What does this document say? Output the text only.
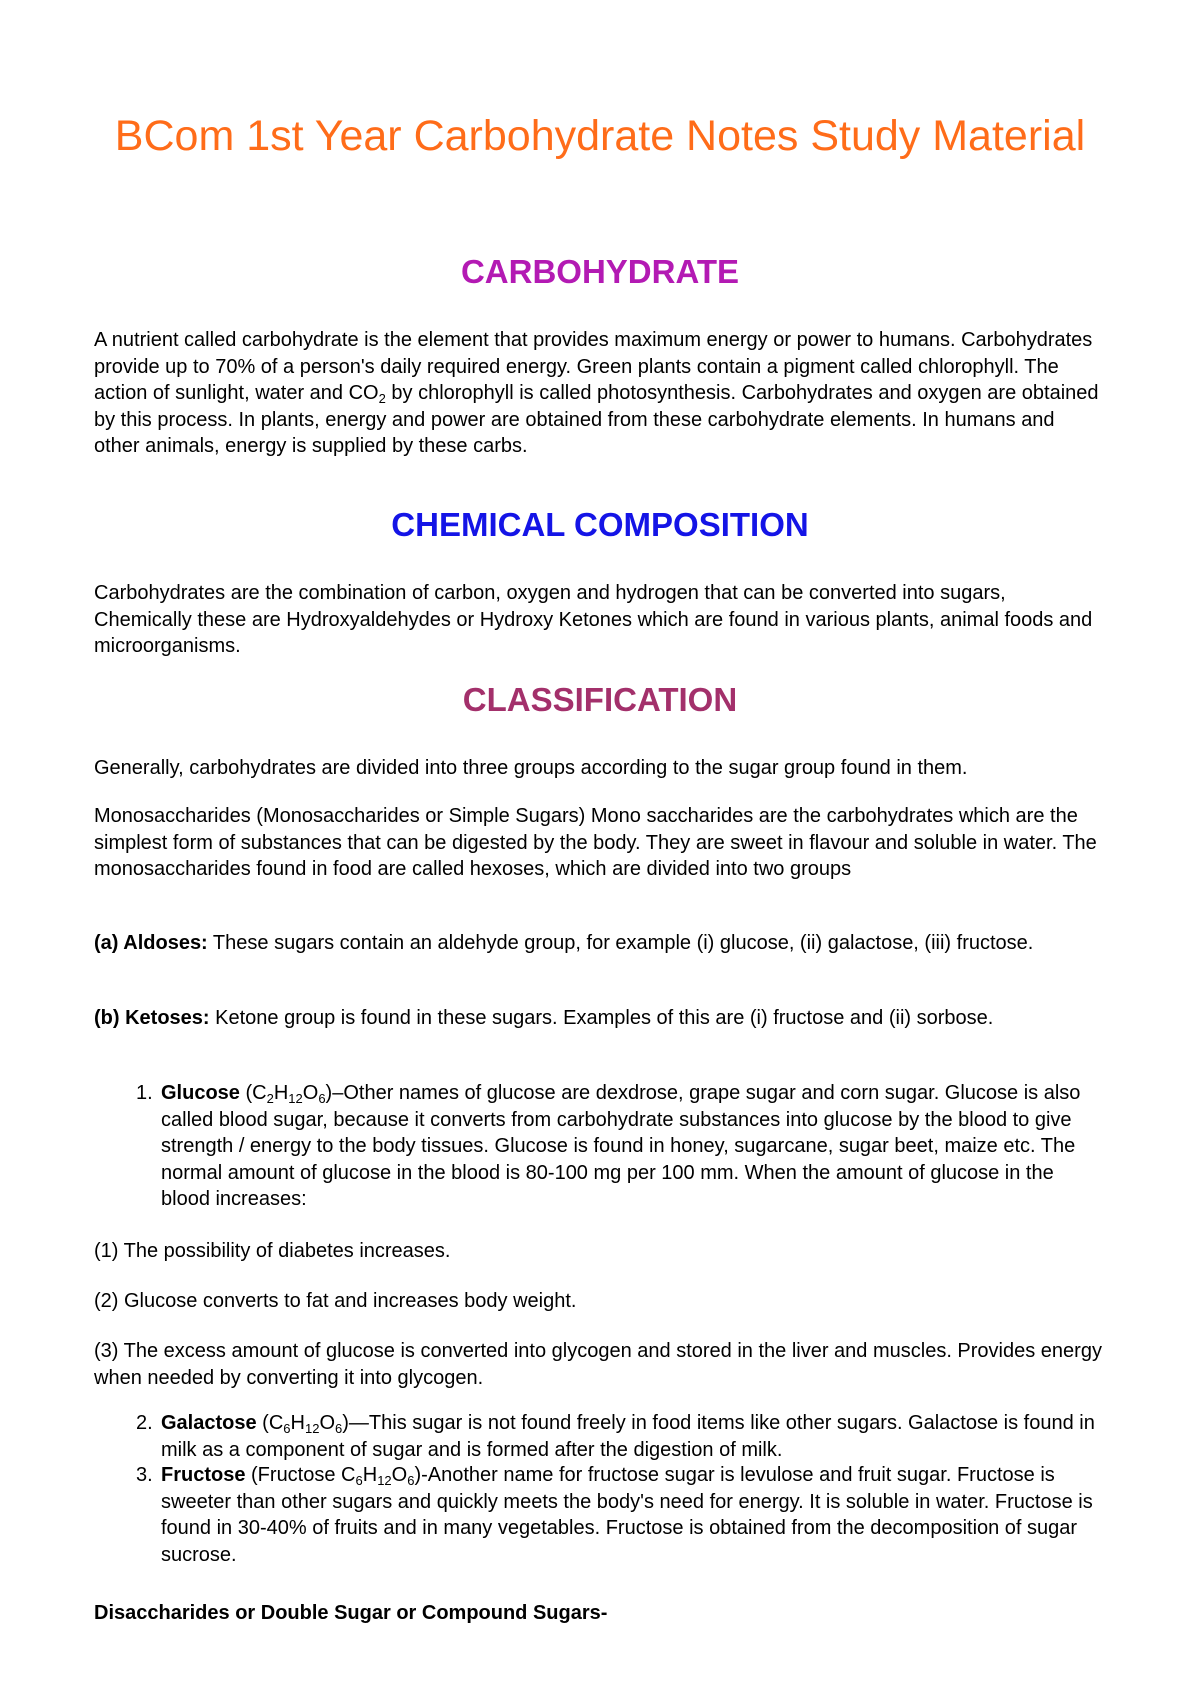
BCom 1st Year Carbohydrate Notes Study Material
CARBOHYDRATE

A nutrient called carbohydrate is the element that provides maximum energy or power to humans. Carbohydrates provide up to 70% of a person's daily required energy. Green plants contain a pigment called chlorophyll. The action of sunlight, water and $CO_2$ by chlorophyll is called photosynthesis. Carbohydrates and oxygen are obtained by this process. In plants, energy and power are obtained from these carbohydrate elements. In humans and other animals, energy is supplied by these carbs.

CHEMICAL COMPOSITION

Carbohydrates are the combination of carbon, oxygen and hydrogen that can be converted into sugars, Chemically these are Hydroxyaldehydes or Hydroxy Ketones which are found in various plants, animal foods and microorganisms.

CLASSIFICATION

Generally, carbohydrates are divided into three groups according to the sugar group found in them.

Monosaccharides (Monosaccharides or Simple Sugars) Mono saccharides are the carbohydrates which are the simplest form of substances that can be digested by the body. They are sweet in flavour and soluble in water. The monosaccharides found in food are called hexoses, which are divided into two groups

(a) Aldoses: These sugars contain an aldehyde group, for example (i) glucose, (ii) galactose, (iii) fructose.

(b) Ketoses: Ketone group is found in these sugars. Examples of this are (i) fructose and (ii) sorbose.

1. Glucose $(C_2H_{12}O_6)$–Other names of glucose are dexdrose, grape sugar and corn sugar. Glucose is also called blood sugar, because it converts from carbohydrate substances into glucose by the blood to give strength / energy to the body tissues. Glucose is found in honey, sugarcane, sugar beet, maize etc. The normal amount of glucose in the blood is 80-100 mg per 100 mm. When the amount of glucose in the blood increases:

(1) The possibility of diabetes increases.

(2) Glucose converts to fat and increases body weight.

(3) The excess amount of glucose is converted into glycogen and stored in the liver and muscles. Provides energy when needed by converting it into glycogen.

2. Galactose $(C_6H_{12}O_6)—This$ sugar is not found freely in food items like other sugars. Galactose is found in milk as a component of sugar and is formed after the digestion of milk.

3. Fructose (Fructose $C_6H_{12}O_6$)-Another name for fructose sugar is levulose and fruit sugar. Fructose is sweeter than other sugars and quickly meets the body's need for energy. It is soluble in water. Fructose is found in 30-40% of fruits and in many vegetables. Fructose is obtained from the decomposition of sugar sucrose.

Disaccharides or Double Sugar or Compound Sugars-
